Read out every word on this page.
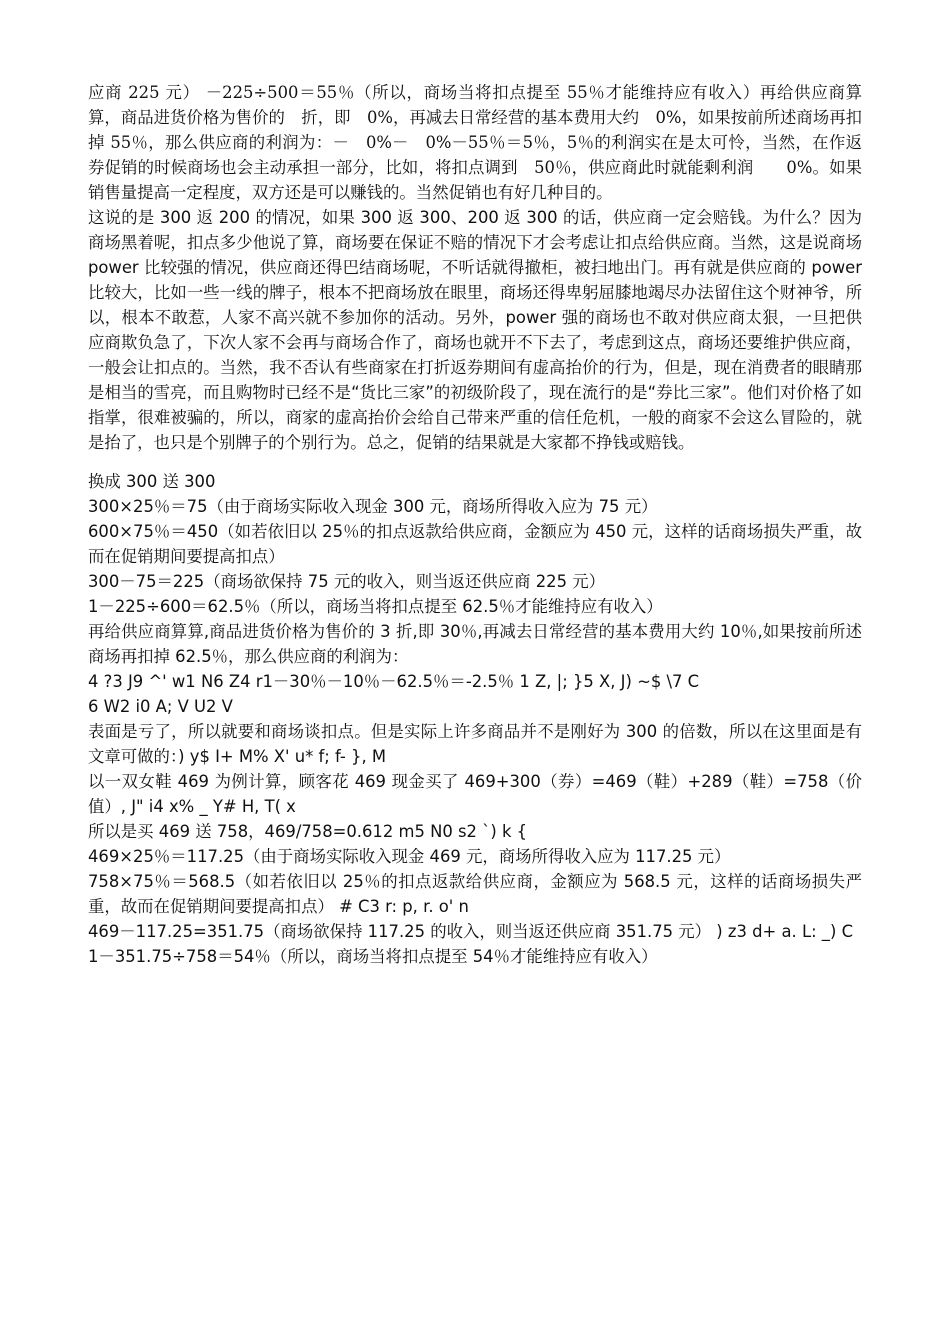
应商 225 元） －225÷500＝55％（所以，商场当将扣点提至 55％才能维持应有收入）再给供应商算算，商品进货价格为售价的　折，即　0%，再减去日常经营的基本费用大约　0%，如果按前所述商场再扣掉 55％，那么供应商的利润为：－　0%－　0%－55％＝5％，5％的利润实在是太可怜，当然，在作返券促销的时候商场也会主动承担一部分，比如，将扣点调到　50％，供应商此时就能剩利润　　0%。如果销售量提高一定程度，双方还是可以赚钱的。当然促销也有好几种目的。

这说的是 300 返 200 的情况，如果 300 返 300、200 返 300 的话，供应商一定会赔钱。为什么？因为商场黑着呢，扣点多少他说了算，商场要在保证不赔的情况下才会考虑让扣点给供应商。当然，这是说商场 power 比较强的情况，供应商还得巴结商场呢，不听话就得撤柜，被扫地出门。再有就是供应商的 power 比较大，比如一些一线的牌子，根本不把商场放在眼里，商场还得卑躬屈膝地竭尽办法留住这个财神爷，所以，根本不敢惹，人家不高兴就不参加你的活动。另外，power 强的商场也不敢对供应商太狠，一旦把供应商欺负急了，下次人家不会再与商场合作了，商场也就开不下去了，考虑到这点，商场还要维护供应商，一般会让扣点的。当然，我不否认有些商家在打折返券期间有虚高抬价的行为，但是，现在消费者的眼睛那是相当的雪亮，而且购物时已经不是“货比三家”的初级阶段了，现在流行的是“券比三家”。他们对价格了如指掌，很难被骗的，所以，商家的虚高抬价会给自己带来严重的信任危机，一般的商家不会这么冒险的，就是抬了，也只是个别牌子的个别行为。总之，促销的结果就是大家都不挣钱或赔钱。

换成 300 送 300

300×25％＝75（由于商场实际收入现金 300 元，商场所得收入应为 75 元）

600×75％＝450（如若依旧以 25％的扣点返款给供应商，金额应为 450 元，这样的话商场损失严重，故而在促销期间要提高扣点）

300－75＝225（商场欲保持 75 元的收入，则当返还供应商 225 元）

1－225÷600＝62.5％（所以，商场当将扣点提至 62.5％才能维持应有收入）

再给供应商算算,商品进货价格为售价的 3 折,即 30％,再减去日常经营的基本费用大约 10％,如果按前所述商场再扣掉 62.5％，那么供应商的利润为：

4 ?3 J9 ^' w1 N6 Z4 r1－30％－10％－62.5％＝-2.5％ 1 Z, |; }5 X, J) ~$ \7 C

6 W2 i0 A; V U2 V

表面是亏了，所以就要和商场谈扣点。但是实际上许多商品并不是刚好为 300 的倍数，所以在这里面是有文章可做的：) y$ I+ M% X' u* f; f- }, M

以一双女鞋 469 为例计算，顾客花 469 现金买了 469+300（券）=469（鞋）+289（鞋）=758（价值）, J" i4 x% _ Y# H, T( x

所以是买 469 送 758，469/758=0.612 m5 N0 s2 `) k {

469×25％＝117.25（由于商场实际收入现金 469 元，商场所得收入应为 117.25 元）

758×75％＝568.5（如若依旧以 25％的扣点返款给供应商，金额应为 568.5 元，这样的话商场损失严重，故而在促销期间要提高扣点） # C3 r: p, r. o' n

469－117.25=351.75（商场欲保持 117.25 的收入，则当返还供应商 351.75 元） ) z3 d+ a. L: _) C

1－351.75÷758＝54％（所以，商场当将扣点提至 54％才能维持应有收入）
